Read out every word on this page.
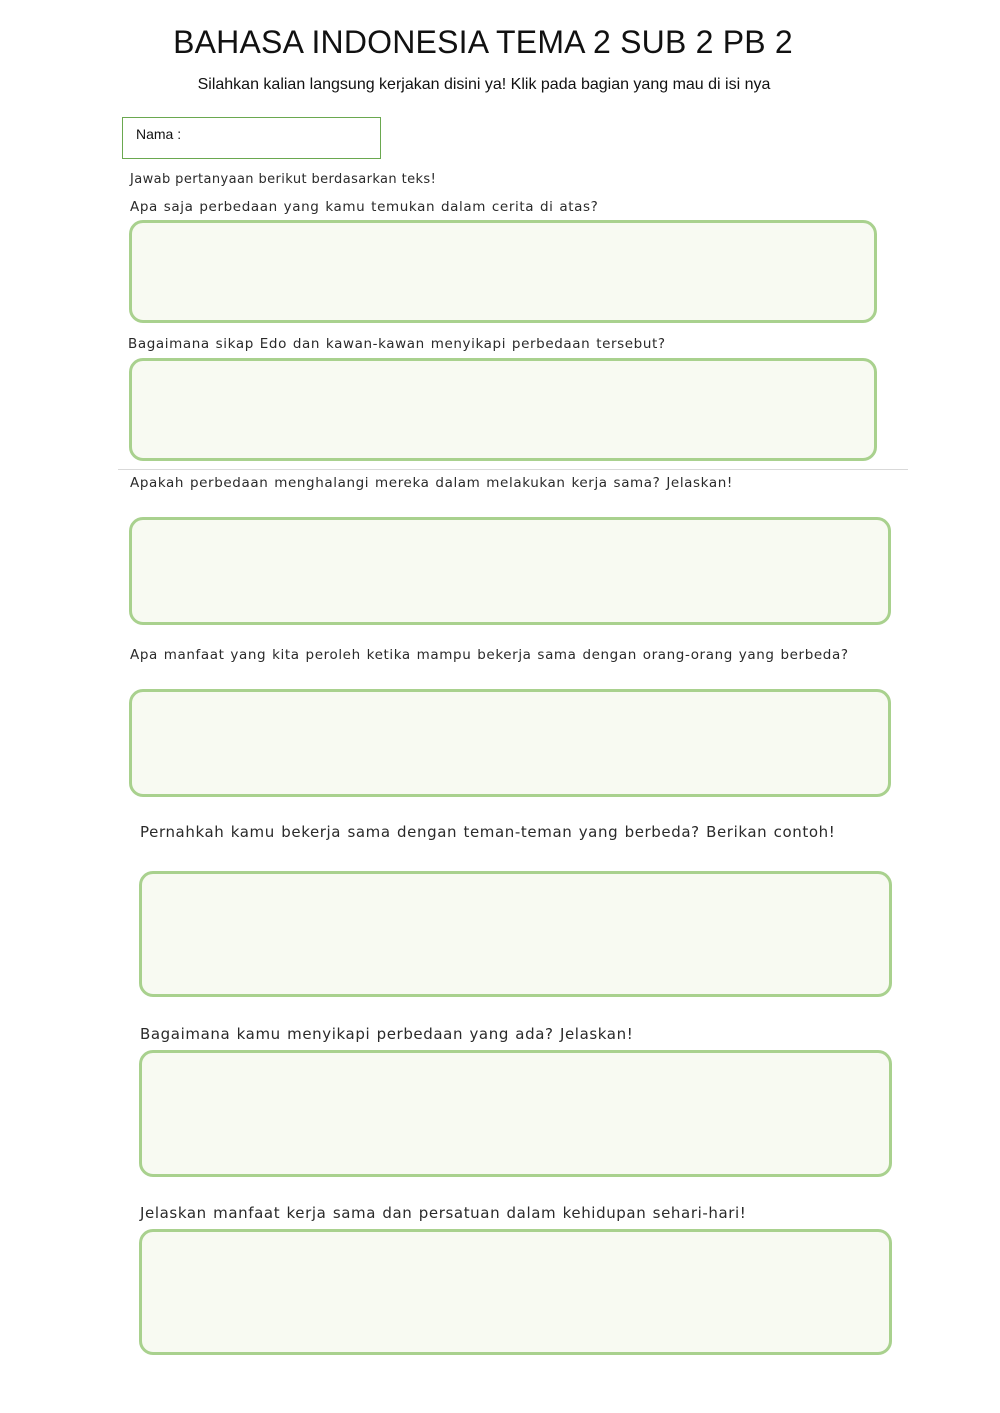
BAHASA INDONESIA TEMA 2 SUB 2 PB 2
Silahkan kalian langsung kerjakan disini ya! Klik pada bagian yang mau di isi nya
Nama :
Jawab pertanyaan berikut berdasarkan teks!
Apa saja perbedaan yang kamu temukan dalam cerita di atas?
Bagaimana sikap Edo dan kawan-kawan menyikapi perbedaan tersebut?
Apakah perbedaan menghalangi mereka dalam melakukan kerja sama? Jelaskan!
Apa manfaat yang kita peroleh ketika mampu bekerja sama dengan orang-orang yang berbeda?
Pernahkah kamu bekerja sama dengan teman-teman yang berbeda? Berikan contoh!
Bagaimana kamu menyikapi perbedaan yang ada? Jelaskan!
Jelaskan manfaat kerja sama dan persatuan dalam kehidupan sehari-hari!
